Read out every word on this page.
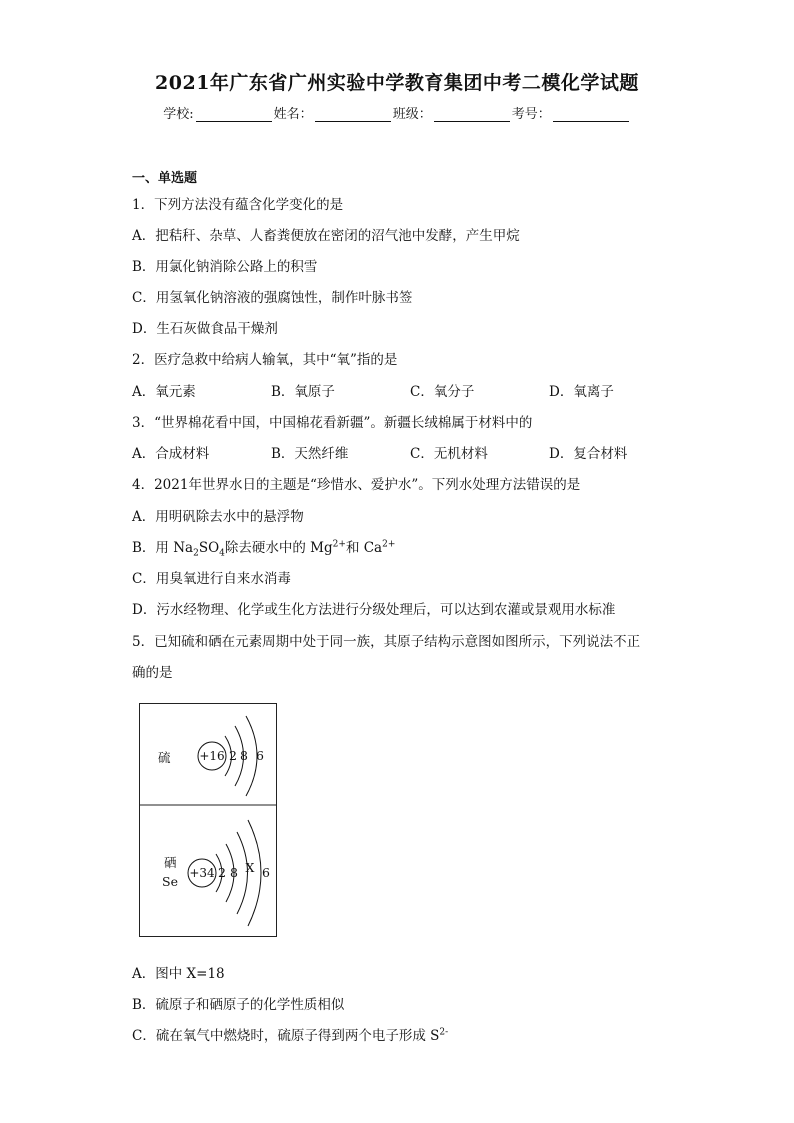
2021年广东省广州实验中学教育集团中考二模化学试题
学校:	姓名：	班级：	考号：
一、单选题
1．下列方法没有蕴含化学变化的是
A．把秸秆、杂草、人畜粪便放在密闭的沼气池中发酵，产生甲烷
B．用氯化钠消除公路上的积雪
C．用氢氧化钠溶液的强腐蚀性，制作叶脉书签
D．生石灰做食品干燥剂
2．医疗急救中给病人输氧，其中“氧”指的是
A．氧元素	B．氧原子	C．氧分子	D．氧离子
3．“世界棉花看中国，中国棉花看新疆”。新疆长绒棉属于材料中的
A．合成材料	B．天然纤维	C．无机材料	D．复合材料
4．2021年世界水日的主题是“珍惜水、爱护水”。下列水处理方法错误的是
A．用明矾除去水中的悬浮物
B．用 $Na_2SO_4$除去硬水中的 $Mg^{2+}$和 $Ca^{2+}$
C．用臭氧进行自来水消毒
D．污水经物理、化学或生化方法进行分级处理后，可以达到农灌或景观用水标准
5．已知硫和硒在元素周期中处于同一族，其原子结构示意图如图所示，下列说法不正
确的是
硫 +16 2 8 6
硒
Se
+34 2 8 X 6
A．图中 X=18
B．硫原子和硒原子的化学性质相似
C．硫在氧气中燃烧时，硫原子得到两个电子形成 $S^{2-}$
